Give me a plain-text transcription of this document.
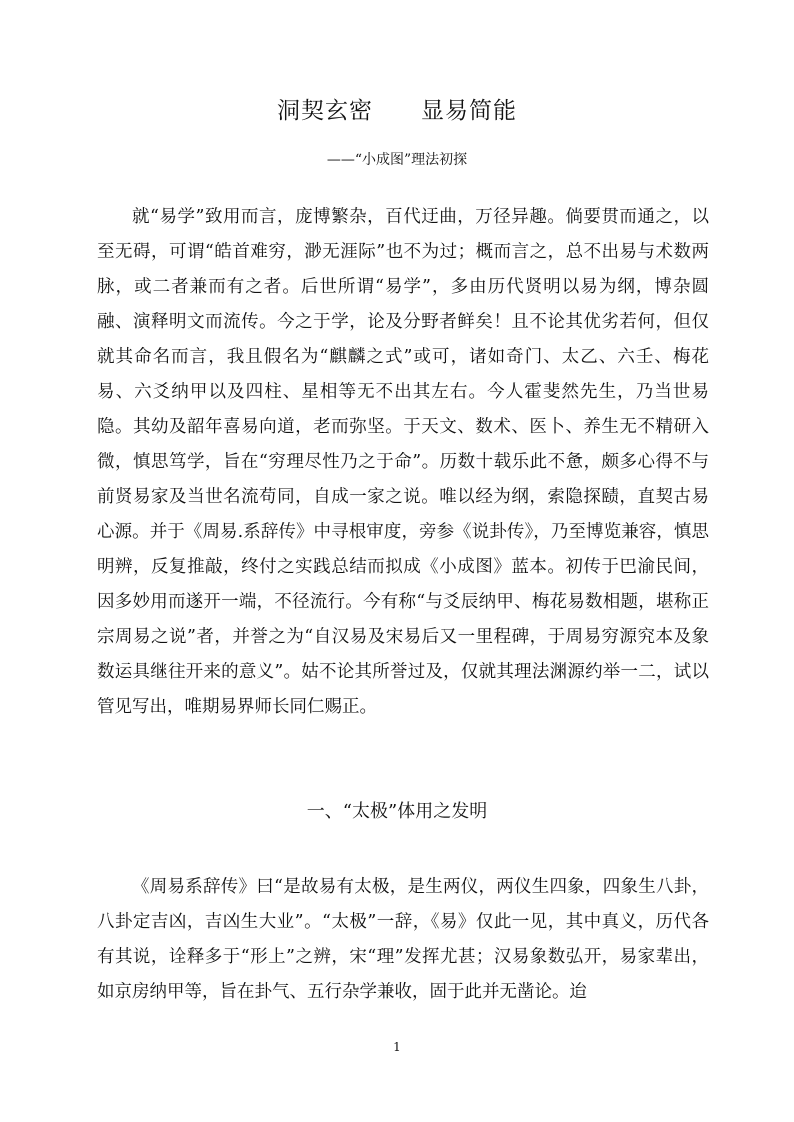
洞契玄密 显易简能

——“小成图”理法初探

就“易学”致用而言，庞博繁杂，百代迂曲，万径异趣。倘要贯而通之，以至无碍，可谓“皓首难穷，渺无涯际”也不为过；概而言之，总不出易与术数两脉，或二者兼而有之者。后世所谓“易学”，多由历代贤明以易为纲，博杂圆融、演释明文而流传。今之于学，论及分野者鲜矣！且不论其优劣若何，但仅就其命名而言，我且假名为“麒麟之式”或可，诸如奇门、太乙、六壬、梅花易、六爻纳甲以及四柱、星相等无不出其左右。今人霍斐然先生，乃当世易隐。其幼及韶年喜易向道，老而弥坚。于天文、数术、医卜、养生无不精研入微，慎思笃学，旨在“穷理尽性乃之于命”。历数十载乐此不惫，颇多心得不与前贤易家及当世名流苟同，自成一家之说。唯以经为纲，索隐探赜，直契古易心源。并于《周易.系辞传》中寻根审度，旁参《说卦传》，乃至博览兼容，慎思明辨，反复推敲，终付之实践总结而拟成《小成图》蓝本。初传于巴渝民间，因多妙用而遂开一端，不径流行。今有称“与爻辰纳甲、梅花易数相题，堪称正宗周易之说”者，并誉之为“自汉易及宋易后又一里程碑，于周易穷源究本及象数运具继往开来的意义”。姑不论其所誉过及，仅就其理法渊源约举一二，试以管见写出，唯期易界师长同仁赐正。

一、“太极”体用之发明

《周易系辞传》曰“是故易有太极，是生两仪，两仪生四象，四象生八卦，八卦定吉凶，吉凶生大业”。“太极”一辞，《易》仅此一见，其中真义，历代各有其说，诠释多于“形上”之辨，宋“理”发挥尤甚；汉易象数弘开，易家辈出，如京房纳甲等，旨在卦气、五行杂学兼收，固于此并无凿论。迨

1
